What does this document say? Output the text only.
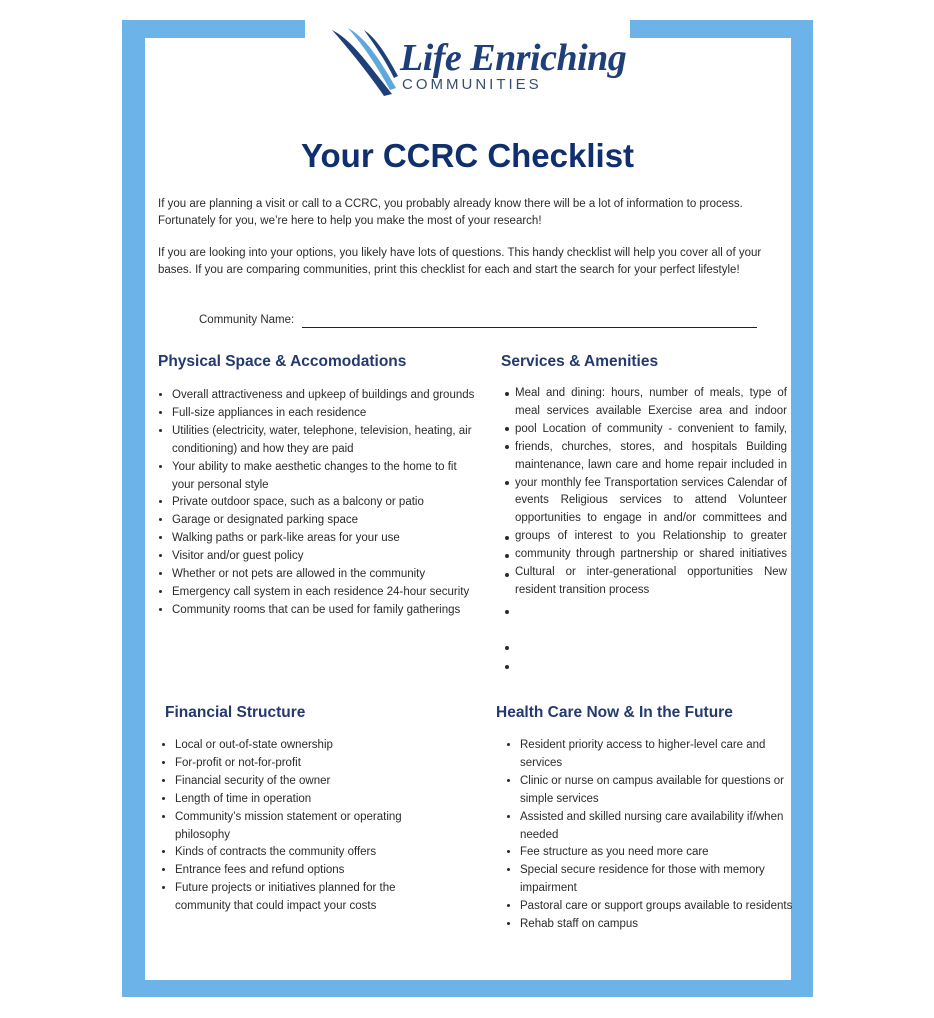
Life Enriching
COMMUNITIES
Your CCRC Checklist
If you are planning a visit or call to a CCRC, you probably already know there will be a lot of information to process. Fortunately for you, we’re here to help you make the most of your research!
If you are looking into your options, you likely have lots of questions. This handy checklist will help you cover all of your bases. If you are comparing communities, print this checklist for each and start the search for your perfect lifestyle!
Community Name:
Physical Space & Accomodations
• Overall attractiveness and upkeep of buildings and grounds
• Full-size appliances in each residence
• Utilities (electricity, water, telephone, television, heating, air conditioning) and how they are paid
• Your ability to make aesthetic changes to the home to fit your personal style
• Private outdoor space, such as a balcony or patio
• Garage or designated parking space
• Walking paths or park-like areas for your use
• Visitor and/or guest policy
• Whether or not pets are allowed in the community
• Emergency call system in each residence 24-hour security
• Community rooms that can be used for family gatherings
Services & Amenities
Meal and dining: hours, number of meals, type of meal services available Exercise area and indoor pool Location of community - convenient to family, friends, churches, stores, and hospitals Building maintenance, lawn care and home repair included in your monthly fee Transportation services Calendar of events Religious services to attend Volunteer opportunities to engage in and/or committees and groups of interest to you Relationship to greater community through partnership or shared initiatives Cultural or inter-generational opportunities New resident transition process
Financial Structure
• Local or out-of-state ownership
• For-profit or not-for-profit
• Financial security of the owner
• Length of time in operation
• Community’s mission statement or operating philosophy
• Kinds of contracts the community offers
• Entrance fees and refund options
• Future projects or initiatives planned for the community that could impact your costs
Health Care Now & In the Future
• Resident priority access to higher-level care and services
• Clinic or nurse on campus available for questions or simple services
• Assisted and skilled nursing care availability if/when needed
• Fee structure as you need more care
• Special secure residence for those with memory impairment
• Pastoral care or support groups available to residents
• Rehab staff on campus
